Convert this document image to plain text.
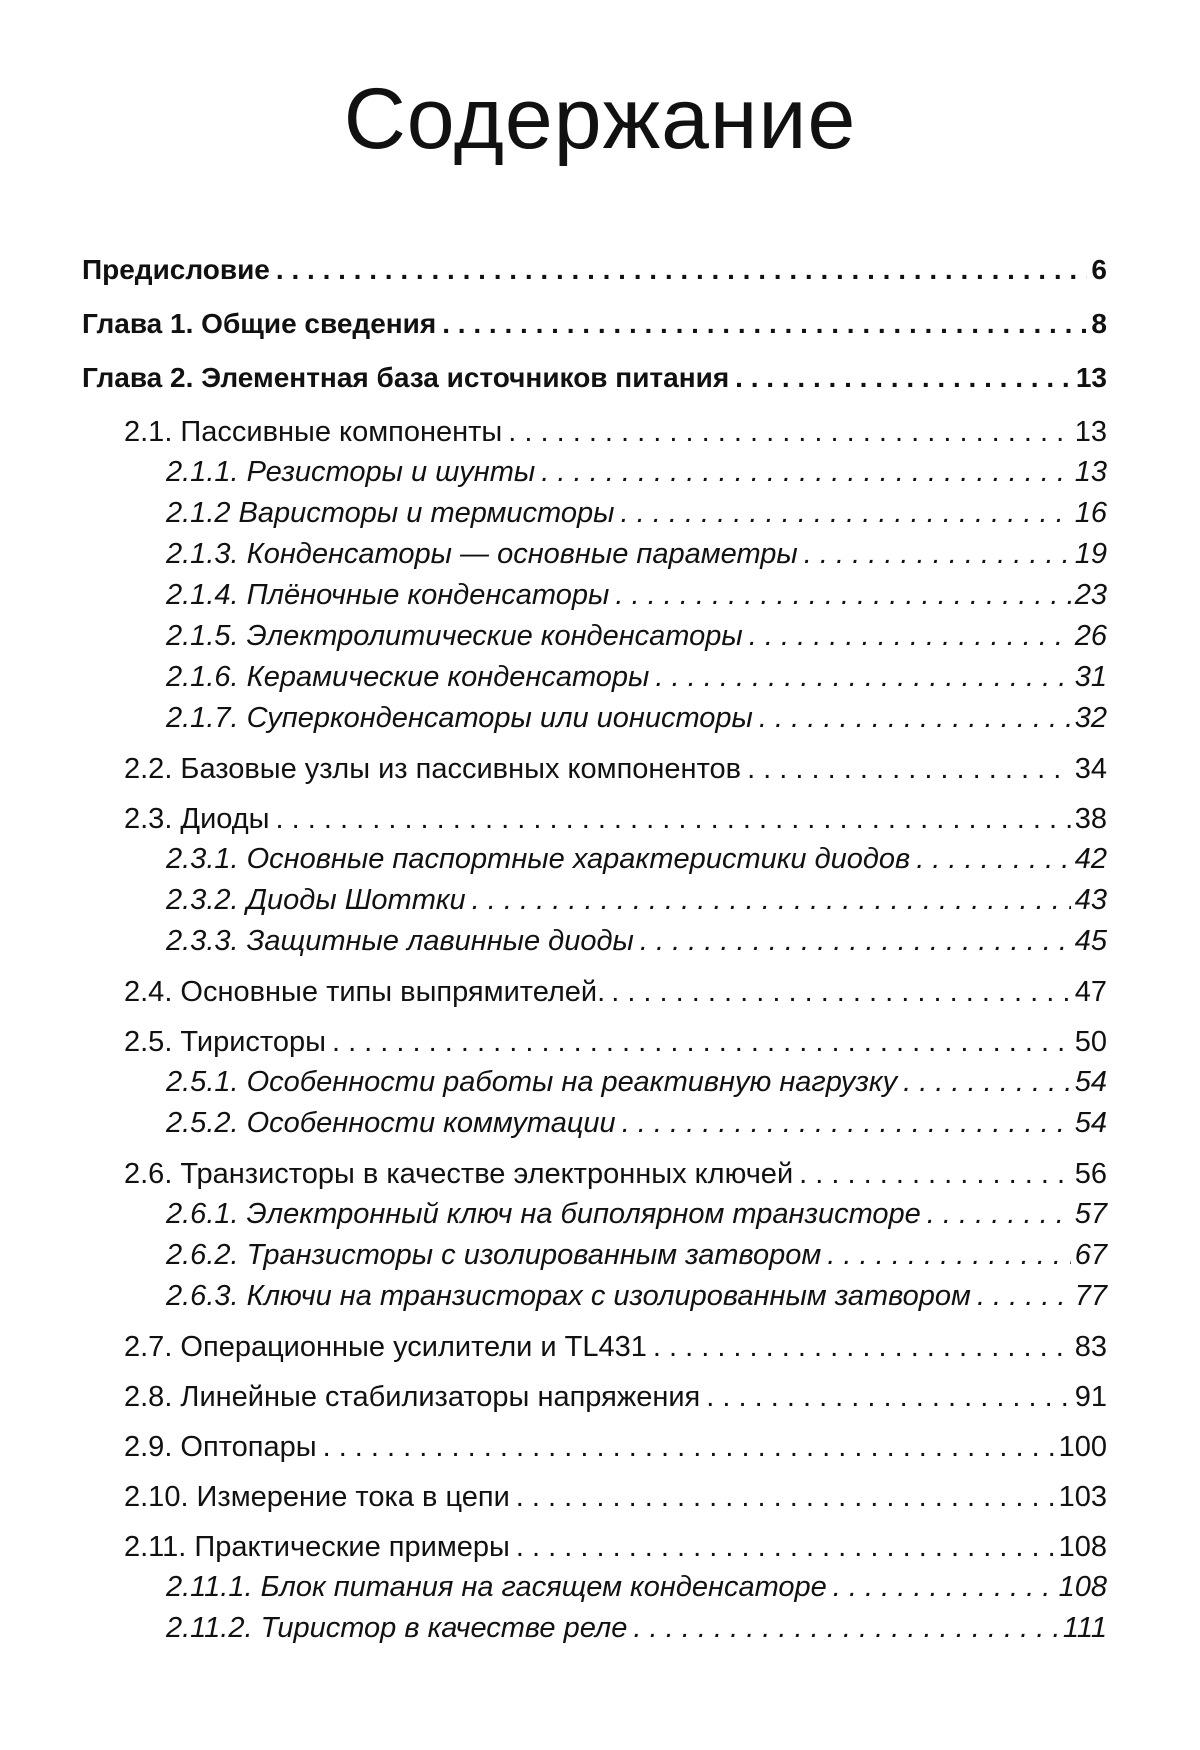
Содержание
Предисловие . . .	6
Глава 1. Общие сведения . . .	8
Глава 2. Элементная база источников питания . . .	13
2.1. Пассивные компоненты . . .	13
2.1.1. Резисторы и шунты . . .	13
2.1.2 Варисторы и термисторы . . .	16
2.1.3. Конденсаторы — основные параметры . . .	19
2.1.4. Плёночные конденсаторы . . .	23
2.1.5. Электролитические конденсаторы . . .	26
2.1.6. Керамические конденсаторы . . .	31
2.1.7. Суперконденсаторы или ионисторы . . .	32
2.2. Базовые узлы из пассивных компонентов . . .	34
2.3. Диоды . . .	38
2.3.1. Основные паспортные характеристики диодов . . .	42
2.3.2. Диоды Шоттки . . .	43
2.3.3. Защитные лавинные диоды . . .	45
2.4. Основные типы выпрямителей. . . .	47
2.5. Тиристоры . . .	50
2.5.1. Особенности работы на реактивную нагрузку . . .	54
2.5.2. Особенности коммутации . . .	54
2.6. Транзисторы в качестве электронных ключей . . .	56
2.6.1. Электронный ключ на биполярном транзисторе . . .	57
2.6.2. Транзисторы с изолированным затвором . . .	67
2.6.3. Ключи на транзисторах с изолированным затвором . . .	77
2.7. Операционные усилители и TL431 . . .	83
2.8. Линейные стабилизаторы напряжения . . .	91
2.9. Оптопары . . .	100
2.10. Измерение тока в цепи . . .	103
2.11. Практические примеры . . .	108
2.11.1. Блок питания на гасящем конденсаторе . . .	108
2.11.2. Тиристор в качестве реле . . .	111
